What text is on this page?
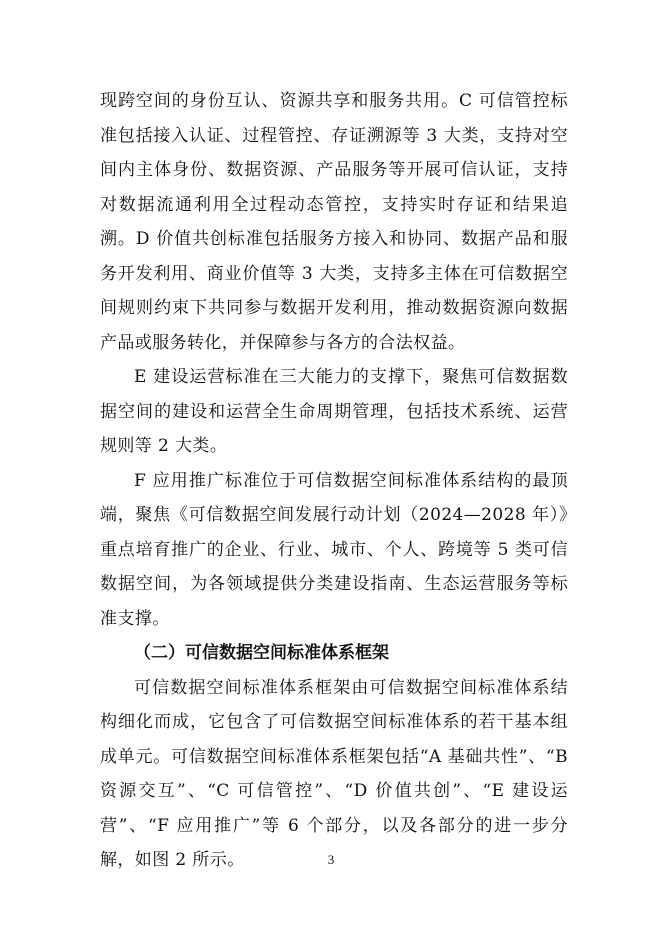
现跨空间的身份互认、资源共享和服务共用。C 可信管控标准包括接入认证、过程管控、存证溯源等 3 大类，支持对空间内主体身份、数据资源、产品服务等开展可信认证，支持对数据流通利用全过程动态管控，支持实时存证和结果追溯。D 价值共创标准包括服务方接入和协同、数据产品和服务开发利用、商业价值等 3 大类，支持多主体在可信数据空间规则约束下共同参与数据开发利用，推动数据资源向数据产品或服务转化，并保障参与各方的合法权益。

E 建设运营标准在三大能力的支撑下，聚焦可信数据数据空间的建设和运营全生命周期管理，包括技术系统、运营规则等 2 大类。

F 应用推广标准位于可信数据空间标准体系结构的最顶端，聚焦《可信数据空间发展行动计划（2024—2028 年）》重点培育推广的企业、行业、城市、个人、跨境等 5 类可信数据空间，为各领域提供分类建设指南、生态运营服务等标准支撑。

（二）可信数据空间标准体系框架

可信数据空间标准体系框架由可信数据空间标准体系结构细化而成，它包含了可信数据空间标准体系的若干基本组成单元。可信数据空间标准体系框架包括“A 基础共性”、“B 资源交互”、“C 可信管控”、“D 价值共创”、“E 建设运营”、“F 应用推广”等 6 个部分，以及各部分的进一步分解，如图 2 所示。	3
